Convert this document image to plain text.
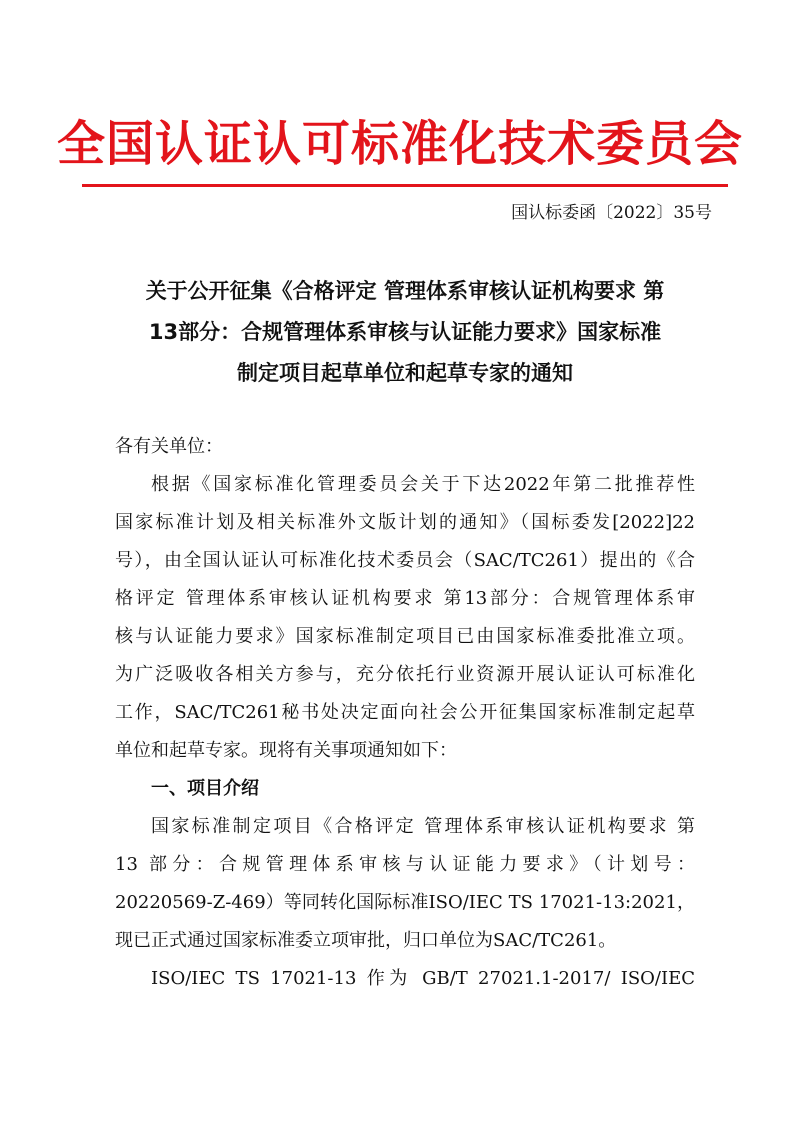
全国认证认可标准化技术委员会
国认标委函〔2022〕35号
关于公开征集《合格评定 管理体系审核认证机构要求 第
13部分：合规管理体系审核与认证能力要求》国家标准
制定项目起草单位和起草专家的通知
各有关单位：
根据《国家标准化管理委员会关于下达2022年第二批推荐性
国家标准计划及相关标准外文版计划的通知》（国标委发[2022]22
号），由全国认证认可标准化技术委员会（SAC/TC261）提出的《合
格评定 管理体系审核认证机构要求 第13部分：合规管理体系审
核与认证能力要求》国家标准制定项目已由国家标准委批准立项。
为广泛吸收各相关方参与，充分依托行业资源开展认证认可标准化
工作，SAC/TC261秘书处决定面向社会公开征集国家标准制定起草
单位和起草专家。现将有关事项通知如下：
一、项目介绍
国家标准制定项目《合格评定 管理体系审核认证机构要求 第
13 部分：合规管理体系审核与认证能力要求》（计划号：
20220569-Z-469）等同转化国际标准ISO/IEC TS 17021-13:2021，
现已正式通过国家标准委立项审批，归口单位为SAC/TC261。
ISO/IEC TS 17021-13 作为 GB/T 27021.1-2017/ ISO/IEC
